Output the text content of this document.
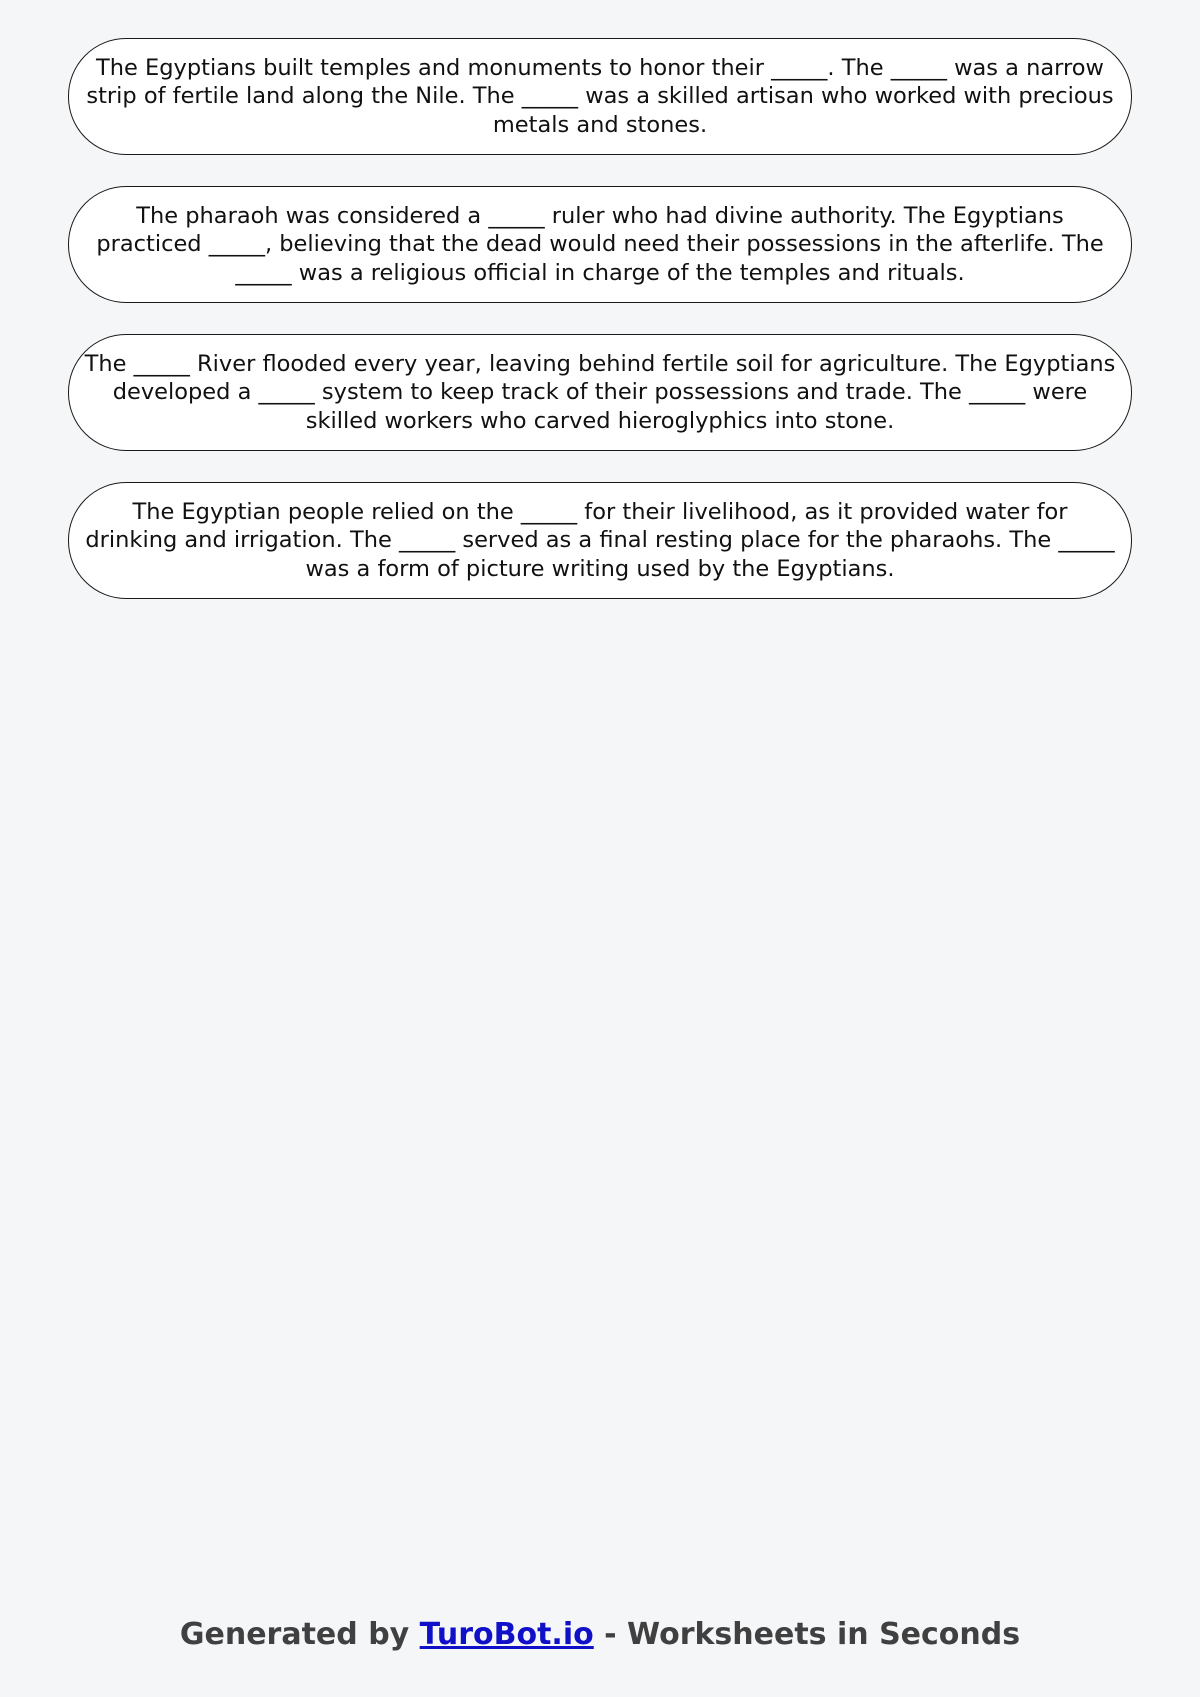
The Egyptians built temples and monuments to honor their _____. The _____ was a narrow strip of fertile land along the Nile. The _____ was a skilled artisan who worked with precious metals and stones.
The pharaoh was considered a _____ ruler who had divine authority. The Egyptians practiced _____, believing that the dead would need their possessions in the afterlife. The _____ was a religious official in charge of the temples and rituals.
The _____ River flooded every year, leaving behind fertile soil for agriculture. The Egyptians developed a _____ system to keep track of their possessions and trade. The _____ were skilled workers who carved hieroglyphics into stone.
The Egyptian people relied on the _____ for their livelihood, as it provided water for drinking and irrigation. The _____ served as a final resting place for the pharaohs. The _____ was a form of picture writing used by the Egyptians.
Generated by TuroBot.io - Worksheets in Seconds
